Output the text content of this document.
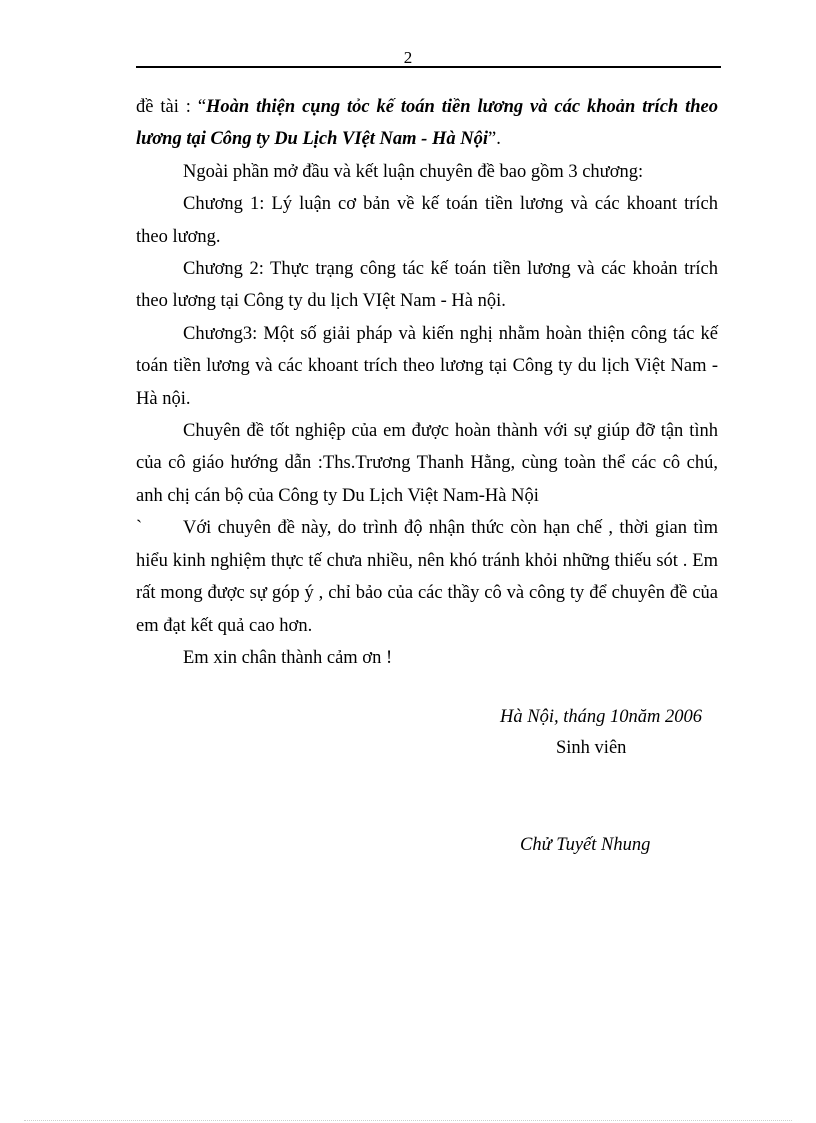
2

đề tài : “Hoàn thiện cụng tỏc kế toán tiền lương và các khoản trích theo lương tại Công ty Du Lịch VIệt Nam - Hà Nội”.

Ngoài phần mở đầu và kết luận chuyên đề bao gồm 3 chương:

Chương 1: Lý luận cơ bản về kế toán tiền lương và các khoant trích theo lương.

Chương 2: Thực trạng công tác kế toán tiền lương và các khoản trích theo lương tại Công ty du lịch VIệt Nam - Hà nội.

Chương3: Một số giải pháp và kiến nghị nhằm hoàn thiện công tác kế toán tiền lương và các khoant trích theo lương tại Công ty du lịch Việt Nam - Hà nội.

Chuyên đề tốt nghiệp của em được hoàn thành với sự giúp đỡ tận tình của cô giáo hướng dẫn :Ths.Trương Thanh Hằng, cùng toàn thể các cô chú, anh chị cán bộ của Công ty Du Lịch Việt Nam-Hà Nội

` Với chuyên đề này, do trình độ nhận thức còn hạn chế , thời gian tìm hiểu kinh nghiệm thực tế chưa nhiều, nên khó tránh khỏi những thiếu sót . Em rất mong được sự góp ý , chỉ bảo của các thầy cô và công ty để chuyên đề của em đạt kết quả cao hơn.

Em xin chân thành cảm ơn !

Hà Nội, tháng 10năm 2006
Sinh viên
Chử Tuyết Nhung
